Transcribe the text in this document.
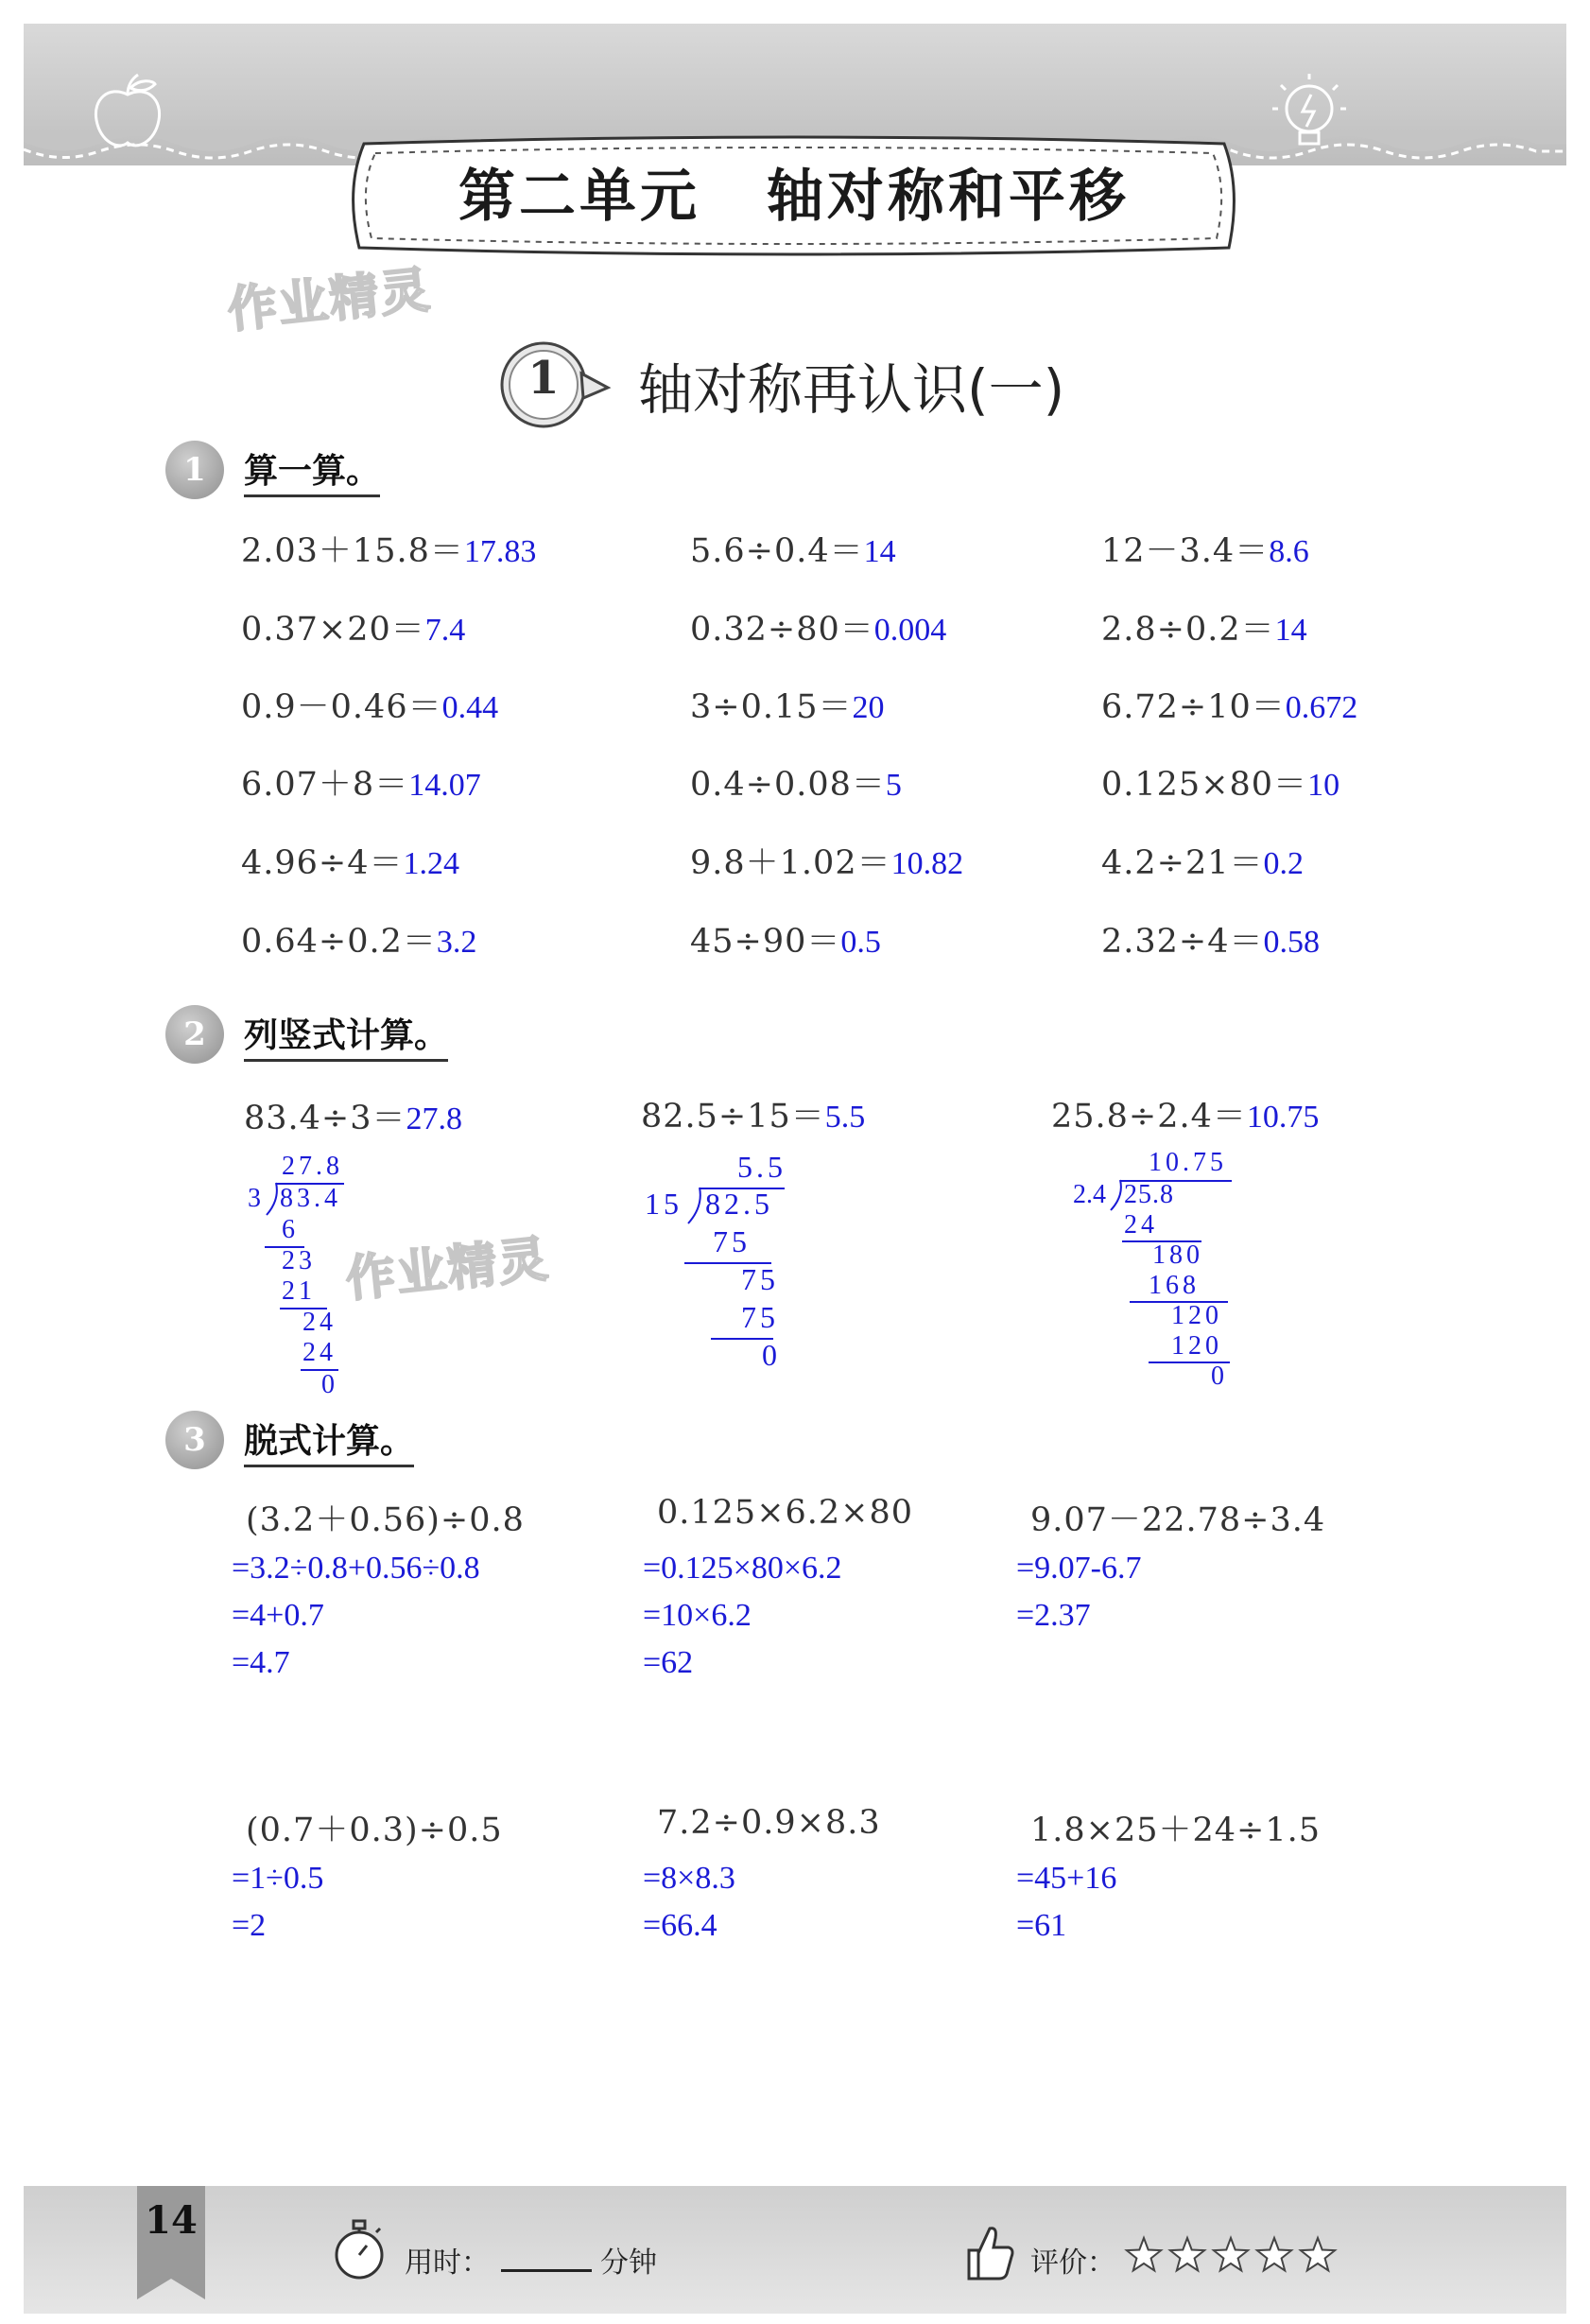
第二单元 轴对称和平移
作业精灵
1 轴对称再认识(一)
1	算一算。
2.03＋15.8＝17.83	5.6÷0.4＝14	12－3.4＝8.6
0.37×20＝7.4	0.32÷80＝0.004	2.8÷0.2＝14
0.9－0.46＝0.44	3÷0.15＝20	6.72÷10＝0.672
6.07＋8＝14.07	0.4÷0.08＝5	0.125×80＝10
4.96÷4＝1.24	9.8＋1.02＝10.82	4.2÷21＝0.2
0.64÷0.2＝3.2	45÷90＝0.5	2.32÷4＝0.58
2	列竖式计算。
83.4÷3＝27.8	82.5÷15＝5.5	25.8÷2.4＝10.75
27.8
3 83.4
6
23
21
24
24
0
作业精灵
5.5
15 82.5
75
75
75
0
10.75
2.4 25.8
24
180
168
120
120
0
3	脱式计算。
(3.2＋0.56)÷0.8
=3.2÷0.8+0.56÷0.8
=4+0.7
=4.7
0.125×6.2×80
=0.125×80×6.2
=10×6.2
=62
9.07－22.78÷3.4
=9.07-6.7
=2.37
(0.7＋0.3)÷0.5
=1÷0.5
=2
7.2÷0.9×8.3
=8×8.3
=66.4
1.8×25＋24÷1.5
=45+16
=61
14
用时：	分钟	评价：
